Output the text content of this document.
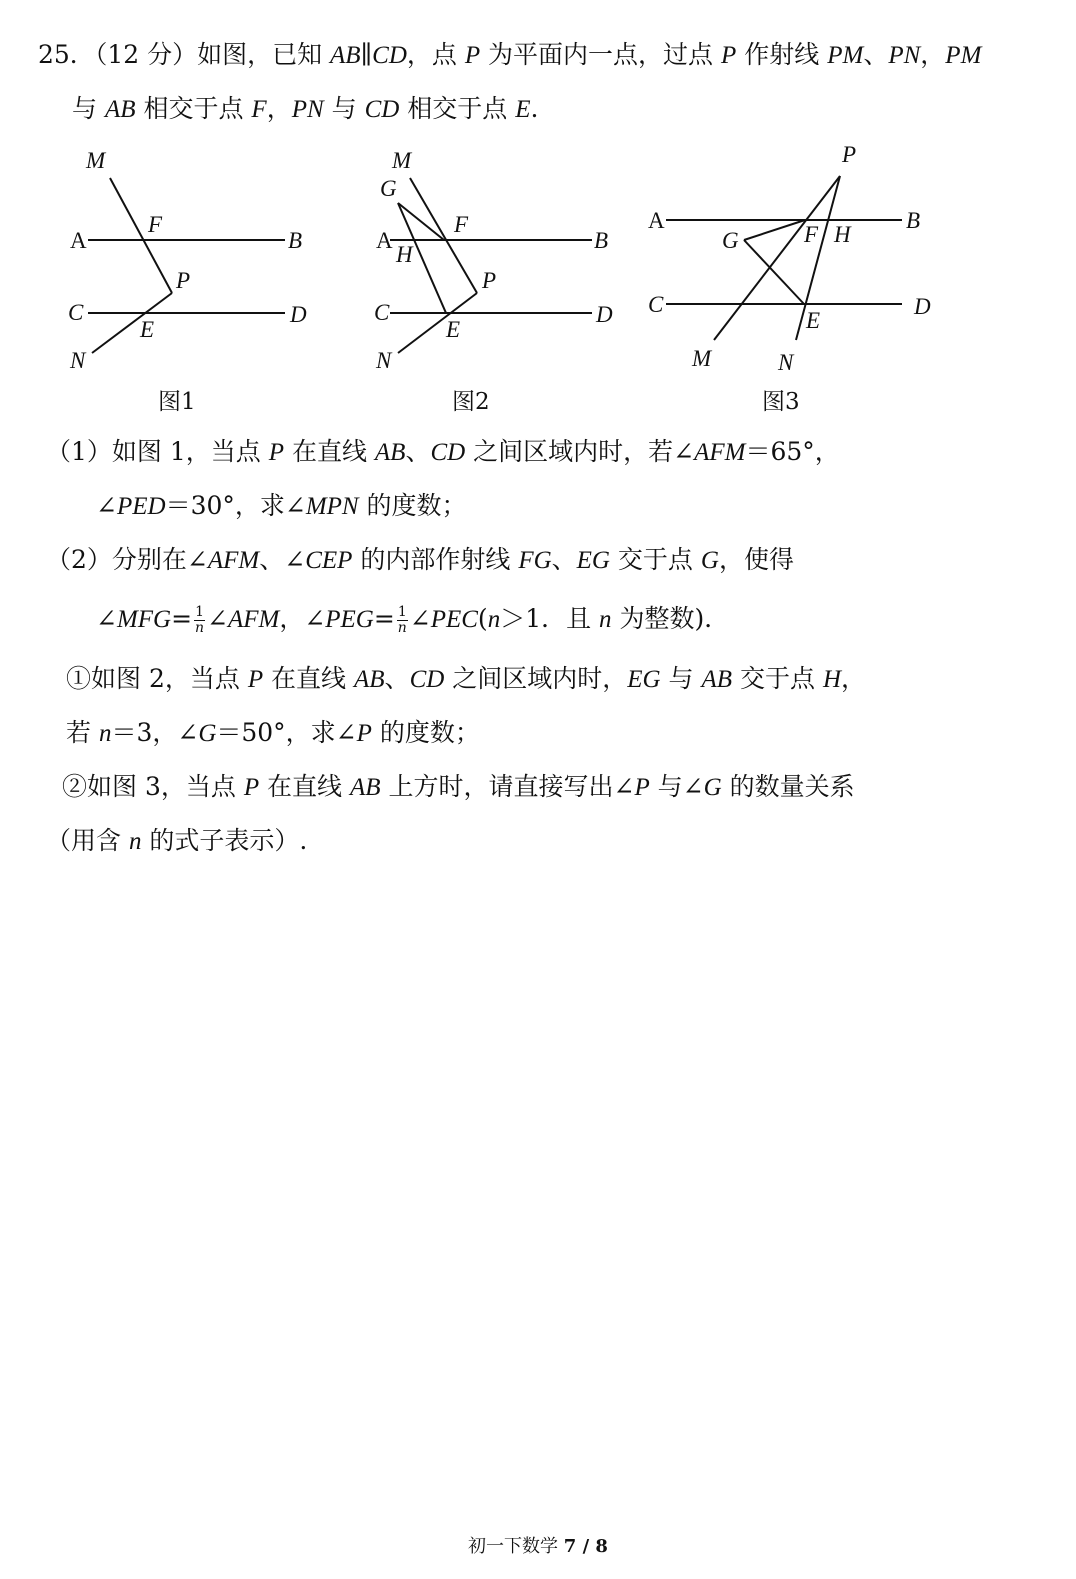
25．（12 分）如图，已知 AB∥CD，点 P 为平面内一点，过点 P 作射线 PM、PN，PM
与 AB 相交于点 F，PN 与 CD 相交于点 E.
M
F
A	B
P
C
E
D
N
M
G
F
A
H
B
P
C
E
D
N
P
A	B
G	F H
C	D
E
M	N
图1	图2	图3
（1）如图 1，当点 P 在直线 AB、CD 之间区域内时，若∠AFM＝65°，
∠PED＝30°，求∠MPN 的度数；
（2）分别在∠AFM、∠CEP 的内部作射线 FG、EG 交于点 G，使得
∠MFG= $\frac{1}{n}$ ∠AFM，∠PEG= $\frac{1}{n}$ ∠PEC(n＞1．且 n 为整数)．
①如图 2，当点 P 在直线 AB、CD 之间区域内时，EG 与 AB 交于点 H，
若 n＝3，∠G＝50°，求∠P 的度数；
②如图 3，当点 P 在直线 AB 上方时，请直接写出∠P 与∠G 的数量关系
（用含 n 的式子表示）.
初一下数学 7 / 8
